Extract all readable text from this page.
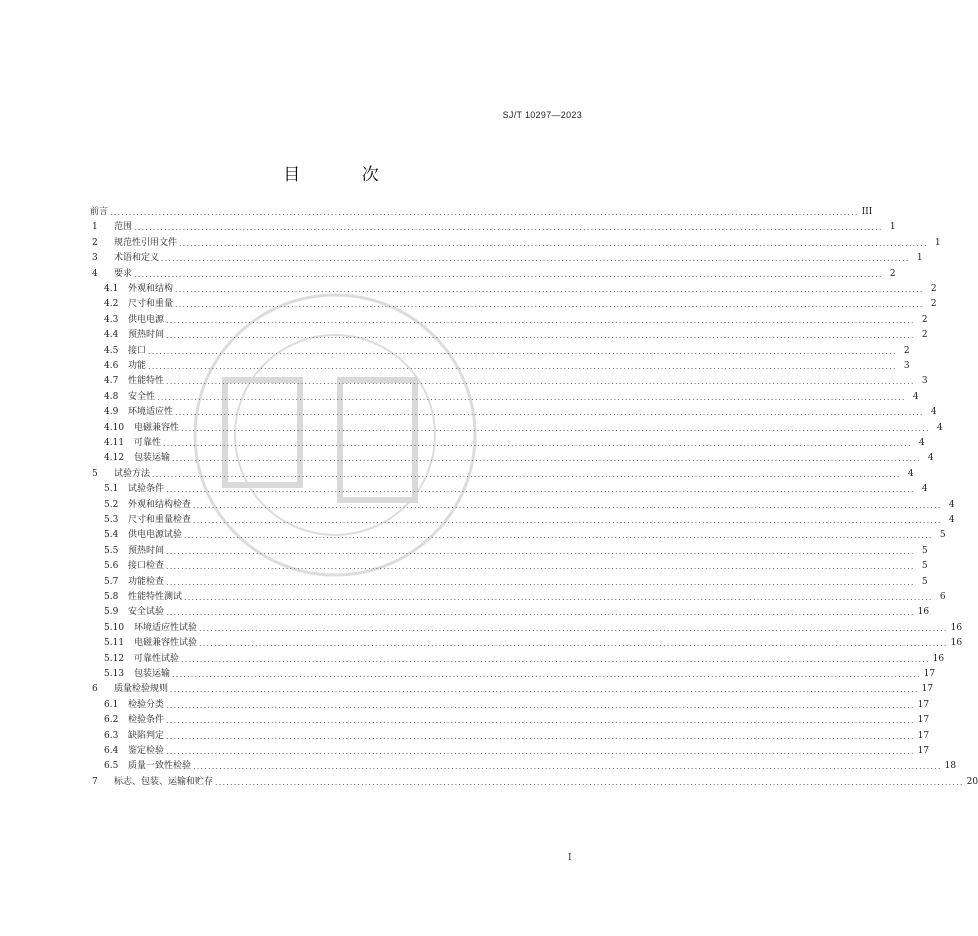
SJ/T 10297—2023
目 次
前言 ........................................................................................................................................................................................................ III
1 范围 ........................................................................................................................................................................................................ 1
2 规范性引用文件 ........................................................................................................................................................................................................ 1
3 术语和定义 ........................................................................................................................................................................................................ 1
4 要求 ........................................................................................................................................................................................................ 2
4.1 外观和结构 ........................................................................................................................................................................................................ 2
4.2 尺寸和重量 ........................................................................................................................................................................................................ 2
4.3 供电电源 ........................................................................................................................................................................................................ 2
4.4 预热时间 ........................................................................................................................................................................................................ 2
4.5 接口 ........................................................................................................................................................................................................ 2
4.6 功能 ........................................................................................................................................................................................................ 3
4.7 性能特性 ........................................................................................................................................................................................................ 3
4.8 安全性 ........................................................................................................................................................................................................ 4
4.9 环境适应性 ........................................................................................................................................................................................................ 4
4.10 电磁兼容性 ........................................................................................................................................................................................................ 4
4.11 可靠性 ........................................................................................................................................................................................................ 4
4.12 包装运输 ........................................................................................................................................................................................................ 4
5 试验方法 ........................................................................................................................................................................................................ 4
5.1 试验条件 ........................................................................................................................................................................................................ 4
5.2 外观和结构检查 ........................................................................................................................................................................................................ 4
5.3 尺寸和重量检查 ........................................................................................................................................................................................................ 4
5.4 供电电源试验 ........................................................................................................................................................................................................ 5
5.5 预热时间 ........................................................................................................................................................................................................ 5
5.6 接口检查 ........................................................................................................................................................................................................ 5
5.7 功能检查 ........................................................................................................................................................................................................ 5
5.8 性能特性测试 ........................................................................................................................................................................................................ 6
5.9 安全试验 ........................................................................................................................................................................................................ 16
5.10 环境适应性试验 ........................................................................................................................................................................................................ 16
5.11 电磁兼容性试验 ........................................................................................................................................................................................................ 16
5.12 可靠性试验 ........................................................................................................................................................................................................ 16
5.13 包装运输 ........................................................................................................................................................................................................ 17
6 质量检验规则 ........................................................................................................................................................................................................ 17
6.1 检验分类 ........................................................................................................................................................................................................ 17
6.2 检验条件 ........................................................................................................................................................................................................ 17
6.3 缺陷判定 ........................................................................................................................................................................................................ 17
6.4 鉴定检验 ........................................................................................................................................................................................................ 17
6.5 质量一致性检验 ........................................................................................................................................................................................................ 18
7 标志、包装、运输和贮存 ........................................................................................................................................................................................................ 20
I
